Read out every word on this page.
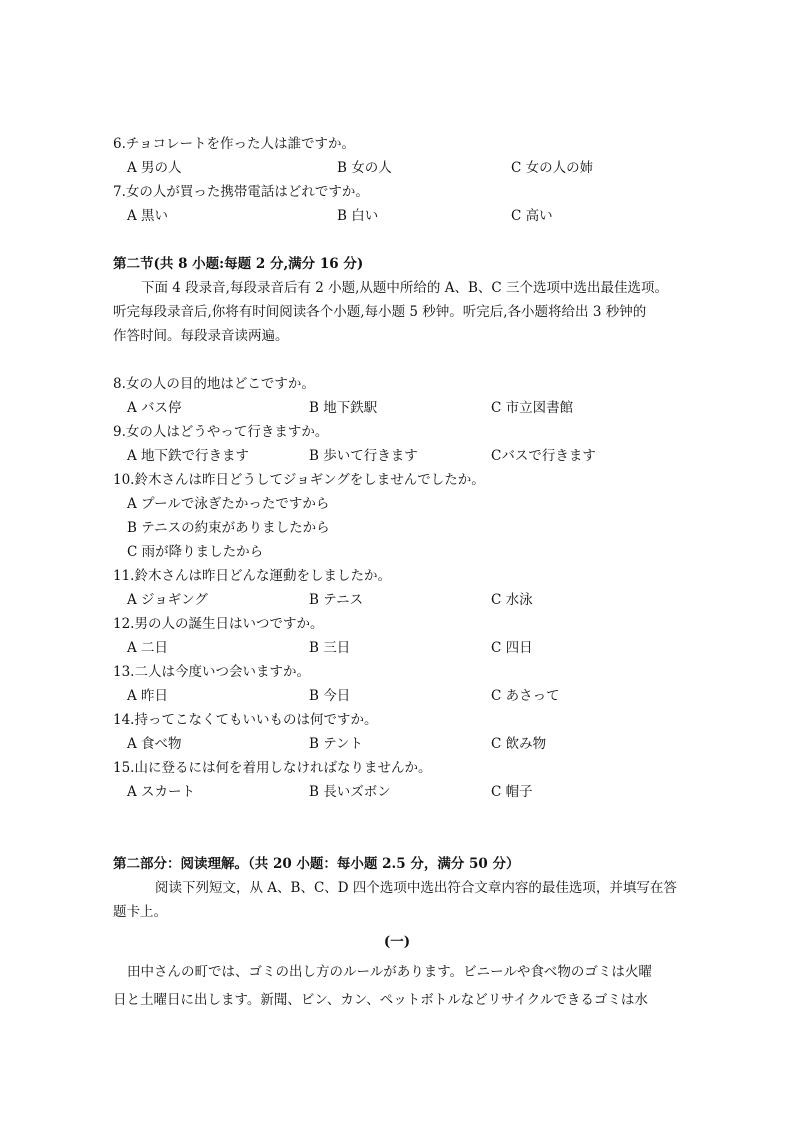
6.チョコレートを作った人は誰ですか。
A 男の人	B 女の人	C 女の人の姉
7.女の人が買った携帯電話はどれですか。
A 黒い	B 白い	C 高い
第二节(共 8 小题:每题 2 分,满分 16 分)
下面 4 段录音,每段录音后有 2 小题,从题中所给的 A、B、C 三个选项中选出最佳选项。
听完每段录音后,你将有时间阅读各个小题,每小题 5 秒钟。听完后,各小题将给出 3 秒钟的
作答时间。每段录音读两遍。
8.女の人の目的地はどこですか。
A バス停	B 地下鉄駅	C 市立図書館
9.女の人はどうやって行きますか。
A 地下鉄で行きます	B 歩いて行きます	Cバスで行きます
10.鈴木さんは昨日どうしてジョギングをしませんでしたか。
A プールで泳ぎたかったですから
B テニスの約束がありましたから
C 雨が降りましたから
11.鈴木さんは昨日どんな運動をしましたか。
A ジョギング	B テニス	C 水泳
12.男の人の誕生日はいつですか。
A 二日	B 三日	C 四日
13.二人は今度いつ会いますか。
A 昨日	B 今日	C あさって
14.持ってこなくてもいいものは何ですか。
A 食べ物	B テント	C 飲み物
15.山に登るには何を着用しなければなりませんか。
A スカート	B 長いズボン	C 帽子
第二部分：阅读理解。（共 20 小题：每小题 2.5 分，满分 50 分）
阅读下列短文，从 A、B、C、D 四个选项中选出符合文章内容的最佳选项，并填写在答
题卡上。
(一)
田中さんの町では、ゴミの出し方のルールがあります。ビニールや食べ物のゴミは火曜
日と土曜日に出します。新聞、ビン、カン、ペットボトルなどリサイクルできるゴミは水
